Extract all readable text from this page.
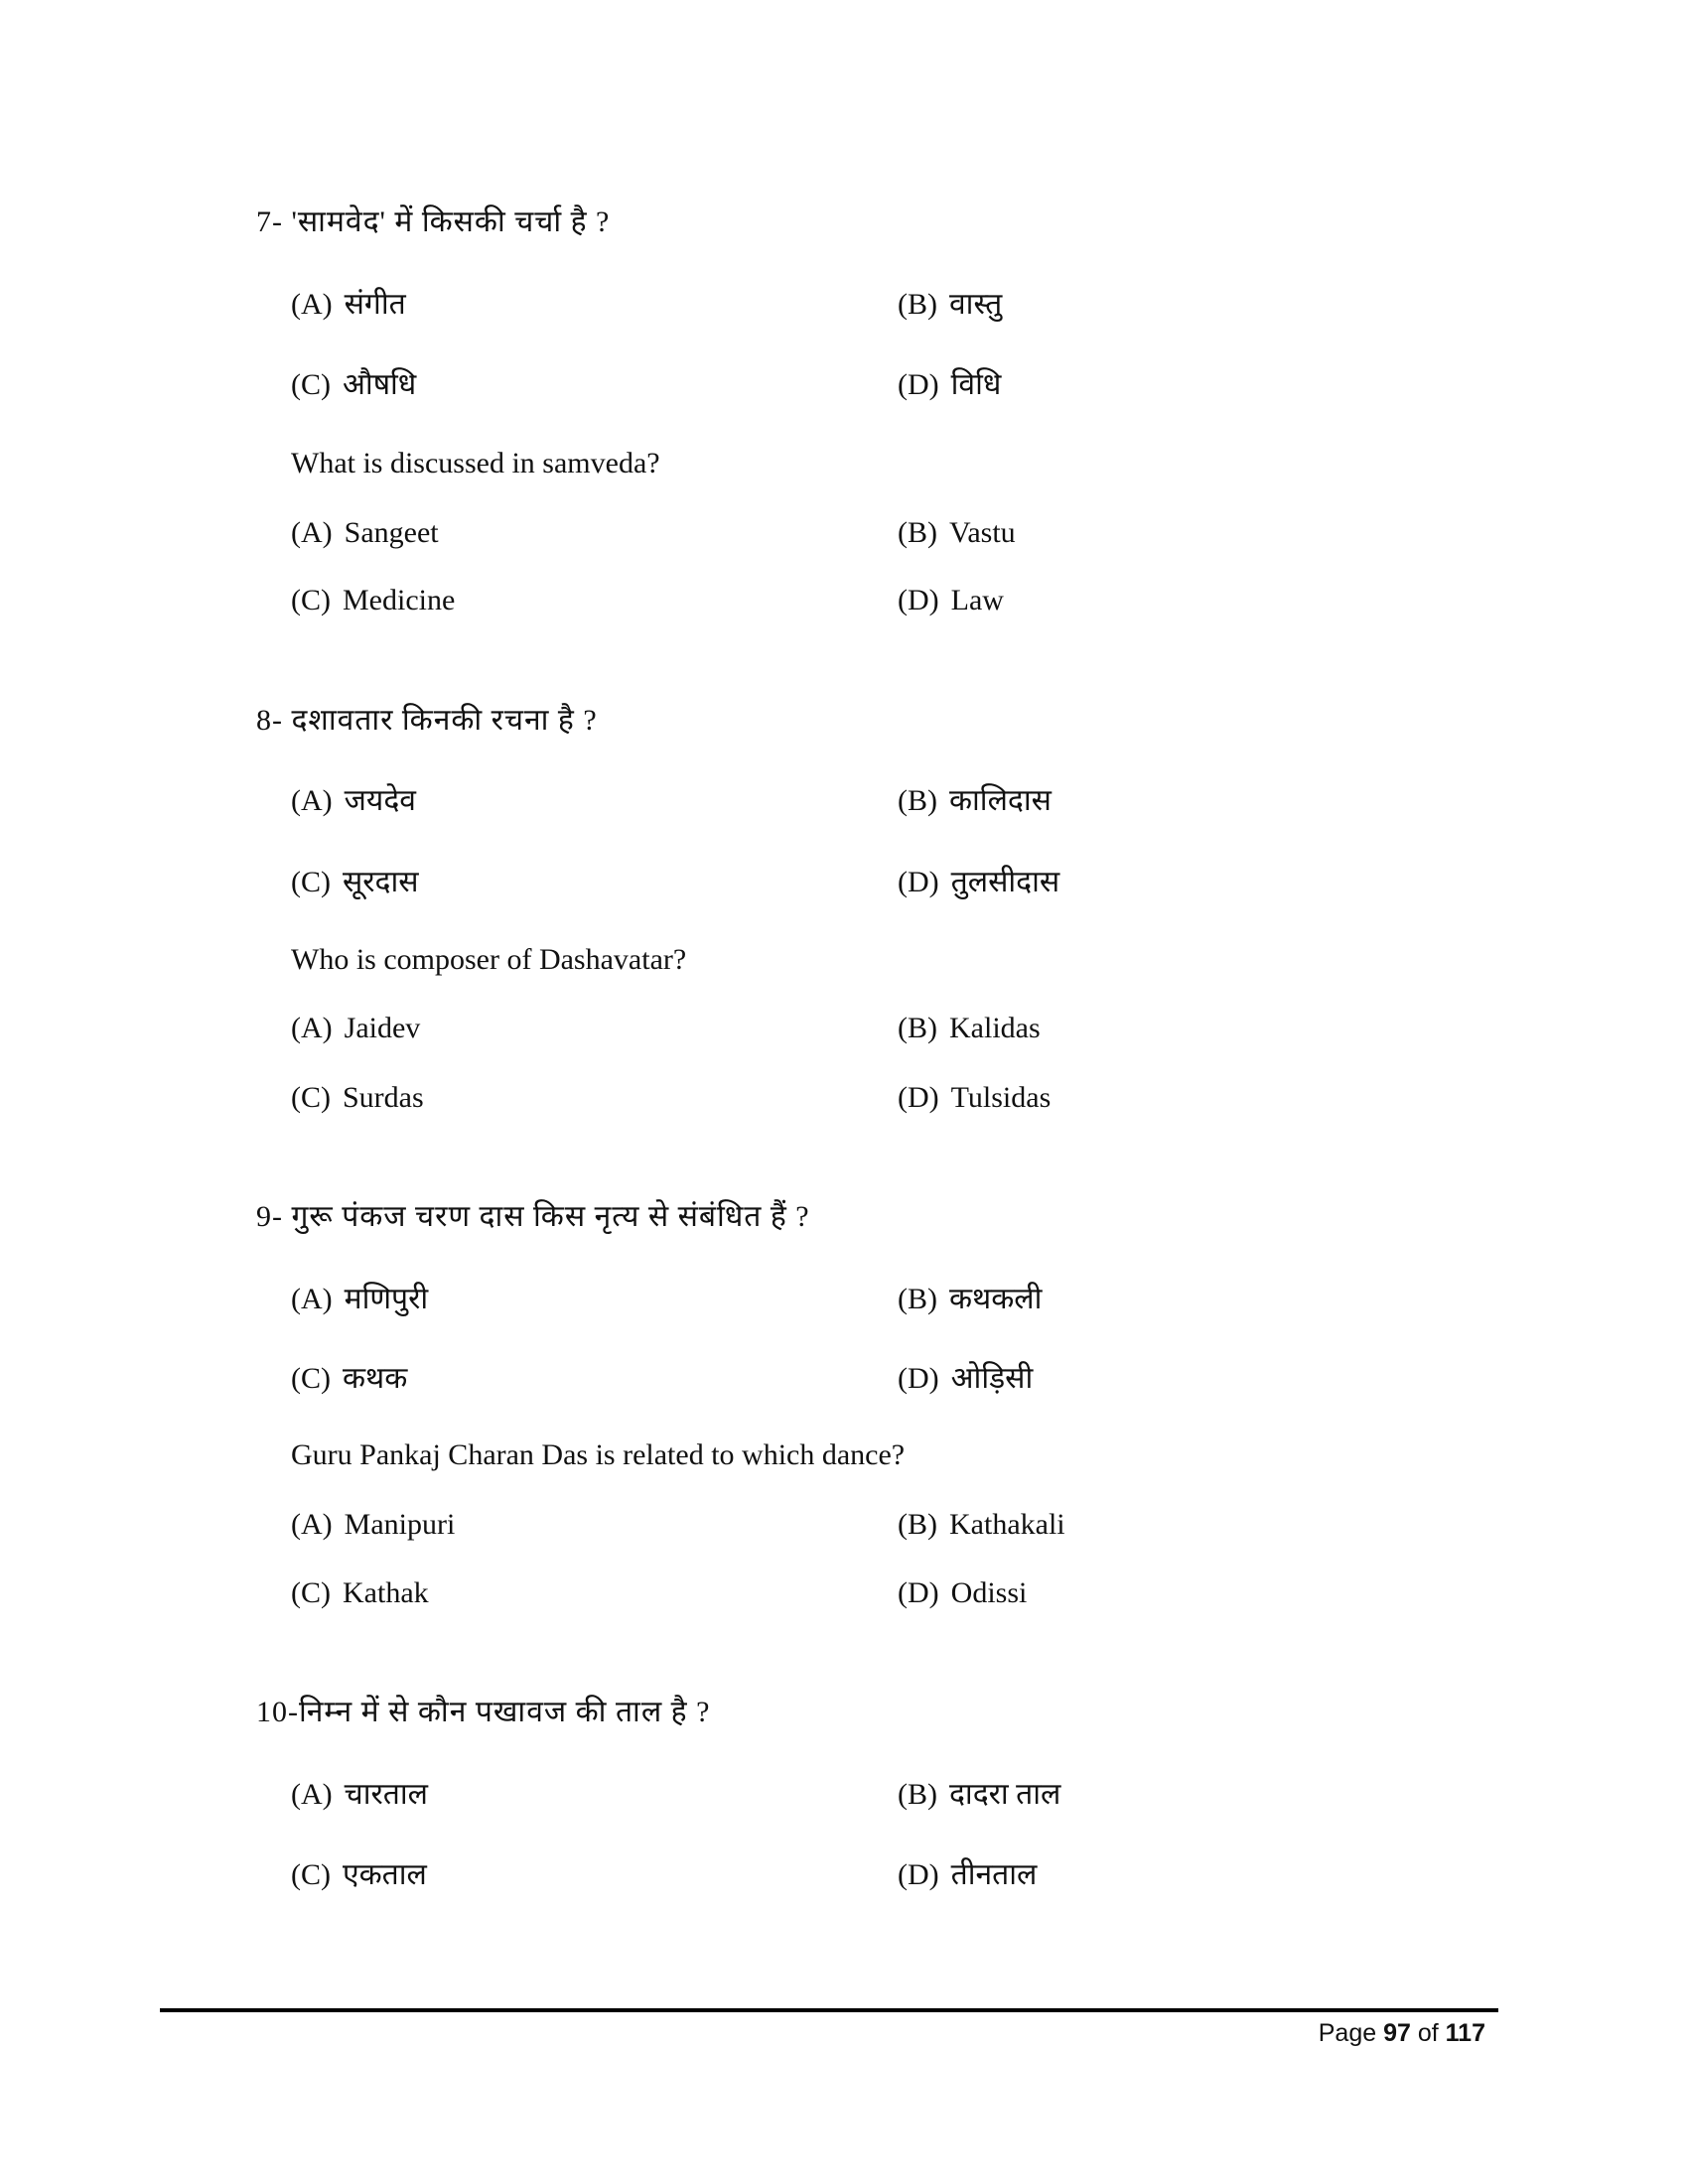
7- 'सामवेद' में किसकी चर्चा है ?
(A) संगीत	(B) वास्तु
(C) औषधि	(D) विधि
What is discussed in samveda?
(A) Sangeet	(B) Vastu
(C) Medicine	(D) Law
8- दशावतार किनकी रचना है ?
(A) जयदेव	(B) कालिदास
(C) सूरदास	(D) तुलसीदास
Who is composer of Dashavatar?
(A) Jaidev	(B) Kalidas
(C) Surdas	(D) Tulsidas
9- गुरू पंकज चरण दास किस नृत्य से संबंधित हैं ?
(A) मणिपुरी	(B) कथकली
(C) कथक	(D) ओड़िसी
Guru Pankaj Charan Das is related to which dance?
(A) Manipuri	(B) Kathakali
(C) Kathak	(D) Odissi
10-निम्न में से कौन पखावज की ताल है ?
(A) चारताल	(B) दादरा ताल
(C) एकताल	(D) तीनताल
Page 97 of 117
